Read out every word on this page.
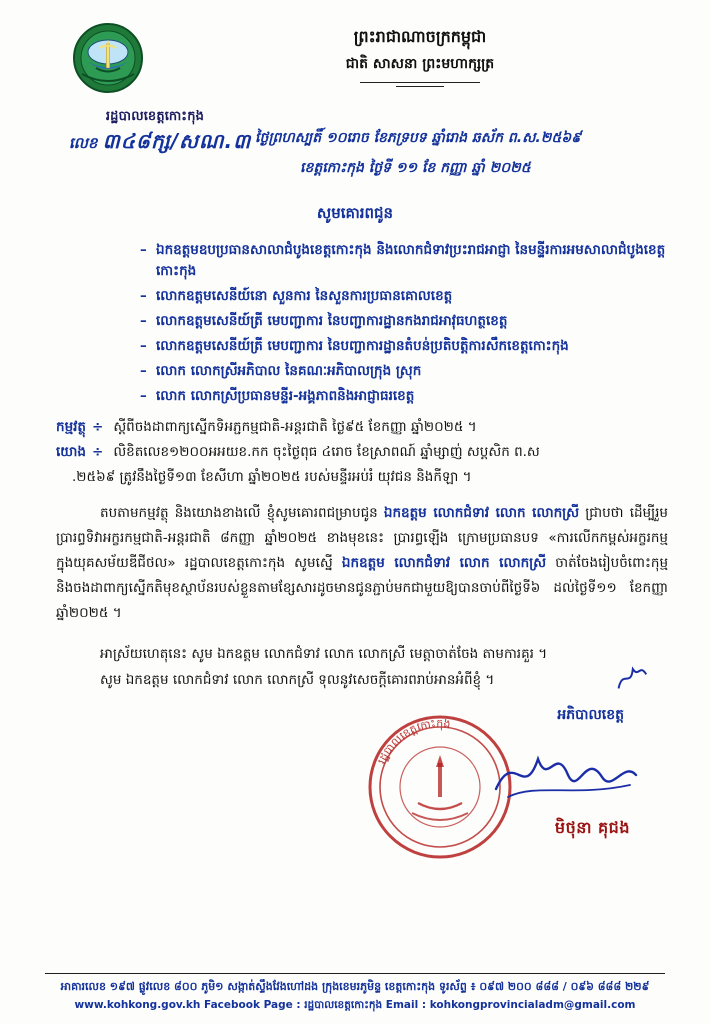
រដ្ឋបាលខេត្តកោះកុង
លេខ ៣៤៨ក្ស/សណ.៣
ព្រះរាជាណាចក្រកម្ពុជា
ជាតិ សាសនា ព្រះមហាក្សត្រ
ថ្ងៃព្រហស្បតិ៍ ១០រោច ខែភទ្របទ ឆ្នាំរោង ឆស័ក ព.ស.២៥៦៩
ខេត្តកោះកុង ថ្ងៃទី ១១ ខែ កញ្ញា ឆ្នាំ ២០២៥
សូមគោរពជូន
– ឯកឧត្តមឧបប្រធានសាលាជំបូងខេត្តកោះកុង និងលោកជំទាវប្រះរាជអាជ្ញា នៃមន្ទីរការអមសាលាជំបូងខេត្តកោះកុង
– លោកឧត្តមសេនីយ៍នោ សួនការ នៃសួនការប្រធានគោលខេត្ត
– លោកឧត្តមសេនីយ៍ត្រី មេបញ្ជាការ នៃបញ្ជាការដ្ឋានកងរាជអាវុធហត្ថខេត្ត
– លោកឧត្តមសេនីយ៍ត្រី មេបញ្ជាការ នៃបញ្ជាការដ្ឋានតំបន់ប្រតិបត្តិការសឹកខេត្តកោះកុង
– លោក លោកស្រីអភិបាល នៃគណៈអភិបាលក្រុង ស្រុក
– លោក លោកស្រីប្រធានមន្ទីរ-អង្គភាពនិងអាជ្ញាធរខេត្ត
កម្មវត្ថុ ÷ ស្តីពីចងដាពាក្យស្នើកទិអភ្ជកម្មជាតិ-អន្តរជាតិ ថ្ងៃ៩៥ ខែកញ្ញា ឆ្នាំ២០២៥ ។
យោង ÷ លិខិតលេខ១២០០អអយខ.កក ចុះថ្ងៃពុធ ៤រោច ខែស្រាពណ៍ ឆ្នាំម្សាញ់ សប្តសិក ព.ស
.២៥៦៩ ត្រូវនឹងថ្ងៃទី១៣ ខែសីហា ឆ្នាំ២០២៥ របស់មន្ទីរអប់រំ យុវជន និងកីឡា ។
តបតាមកម្មវត្ថុ និងយោងខាងលើ ខ្ញុំសូមគោរពជម្រាបជូន ឯកឧត្តម លោកជំទាវ លោក លោកស្រី ជ្រាបថា ដើម្បីរួមប្រារព្ធទិវាអក្ខរកម្មជាតិ-អន្តរជាតិ ៨កញ្ញា ឆ្នាំ២០២៥ ខាងមុខនេះ ប្រារព្ធឡើង ក្រោមប្រធានបទ «ការលើកកម្ពស់អក្ខរកម្មក្នុងយុគសម័យឌីជីថល» រដ្ឋបាលខេត្តកោះកុង សូមស្នើ ឯកឧត្តម លោកជំទាវ លោក លោកស្រី ចាត់ចែងរៀបចំពោះកុម្ម និងចងដាពាក្យស្នើកតិមុខស្ថាប័នរបស់ខ្លួនតាមខ្សែសារដូចមានជូនភ្ជាប់មកជាមួយឱ្យបានចាប់ពីថ្ងៃទី៦ ដល់ថ្ងៃទី១១ ខែកញ្ញា ឆ្នាំ២០២៥ ។
អាស្រ័យហេតុនេះ សូម ឯកឧត្តម លោកជំទាវ លោក លោកស្រី មេត្តាចាត់ចែង តាមការគួរ ។
សូម ឯកឧត្តម លោកជំទាវ លោក លោកស្រី ទុលនូវសេចក្តីគោរពរាប់អានអំពីខ្ញុំ ។
រដ្ឋបាលខេត្តកោះកុង
អភិបាលខេត្ត
មិថុនា គុជង
អាគារលេខ ១៩៧ ផ្លូវលេខ ៨០០ ភូមិ១ សង្កាត់ស្ទឹងវែងហៅដង ក្រុងខេមរភូមិន្ទ ខេត្តកោះកុង ទូរស័ព្ទ ៖ ០៩៧ ២០០ ៨៨៨ / ០៩៦ ៨៨៨ ២២៩
www.kohkong.gov.kh Facebook Page : រដ្ឋបាលខេត្តកោះកុង Email : kohkongprovincialadm@gmail.com
